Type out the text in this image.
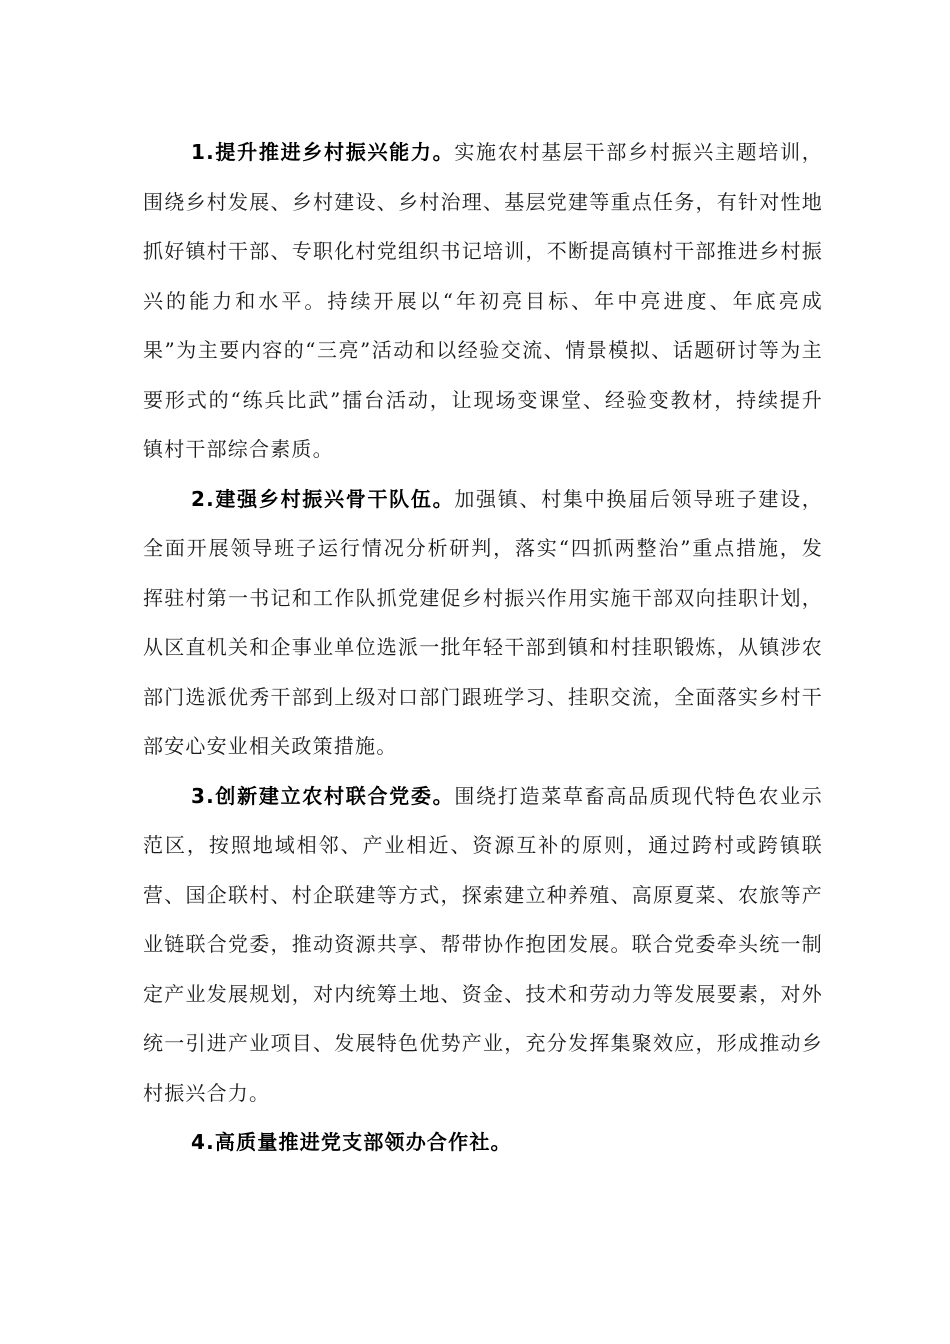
1.提升推进乡村振兴能力。实施农村基层干部乡村振兴主题培训，围绕乡村发展、乡村建设、乡村治理、基层党建等重点任务，有针对性地抓好镇村干部、专职化村党组织书记培训，不断提高镇村干部推进乡村振兴的能力和水平。持续开展以“年初亮目标、年中亮进度、年底亮成果”为主要内容的“三亮”活动和以经验交流、情景模拟、话题研讨等为主要形式的“练兵比武”擂台活动，让现场变课堂、经验变教材，持续提升镇村干部综合素质。

2.建强乡村振兴骨干队伍。加强镇、村集中换届后领导班子建设，全面开展领导班子运行情况分析研判，落实“四抓两整治”重点措施，发挥驻村第一书记和工作队抓党建促乡村振兴作用实施干部双向挂职计划，从区直机关和企事业单位选派一批年轻干部到镇和村挂职锻炼，从镇涉农部门选派优秀干部到上级对口部门跟班学习、挂职交流，全面落实乡村干部安心安业相关政策措施。

3.创新建立农村联合党委。围绕打造菜草畜高品质现代特色农业示范区，按照地域相邻、产业相近、资源互补的原则，通过跨村或跨镇联营、国企联村、村企联建等方式，探索建立种养殖、高原夏菜、农旅等产业链联合党委，推动资源共享、帮带协作抱团发展。联合党委牵头统一制定产业发展规划，对内统筹土地、资金、技术和劳动力等发展要素，对外统一引进产业项目、发展特色优势产业，充分发挥集聚效应，形成推动乡村振兴合力。

4.高质量推进党支部领办合作社。
